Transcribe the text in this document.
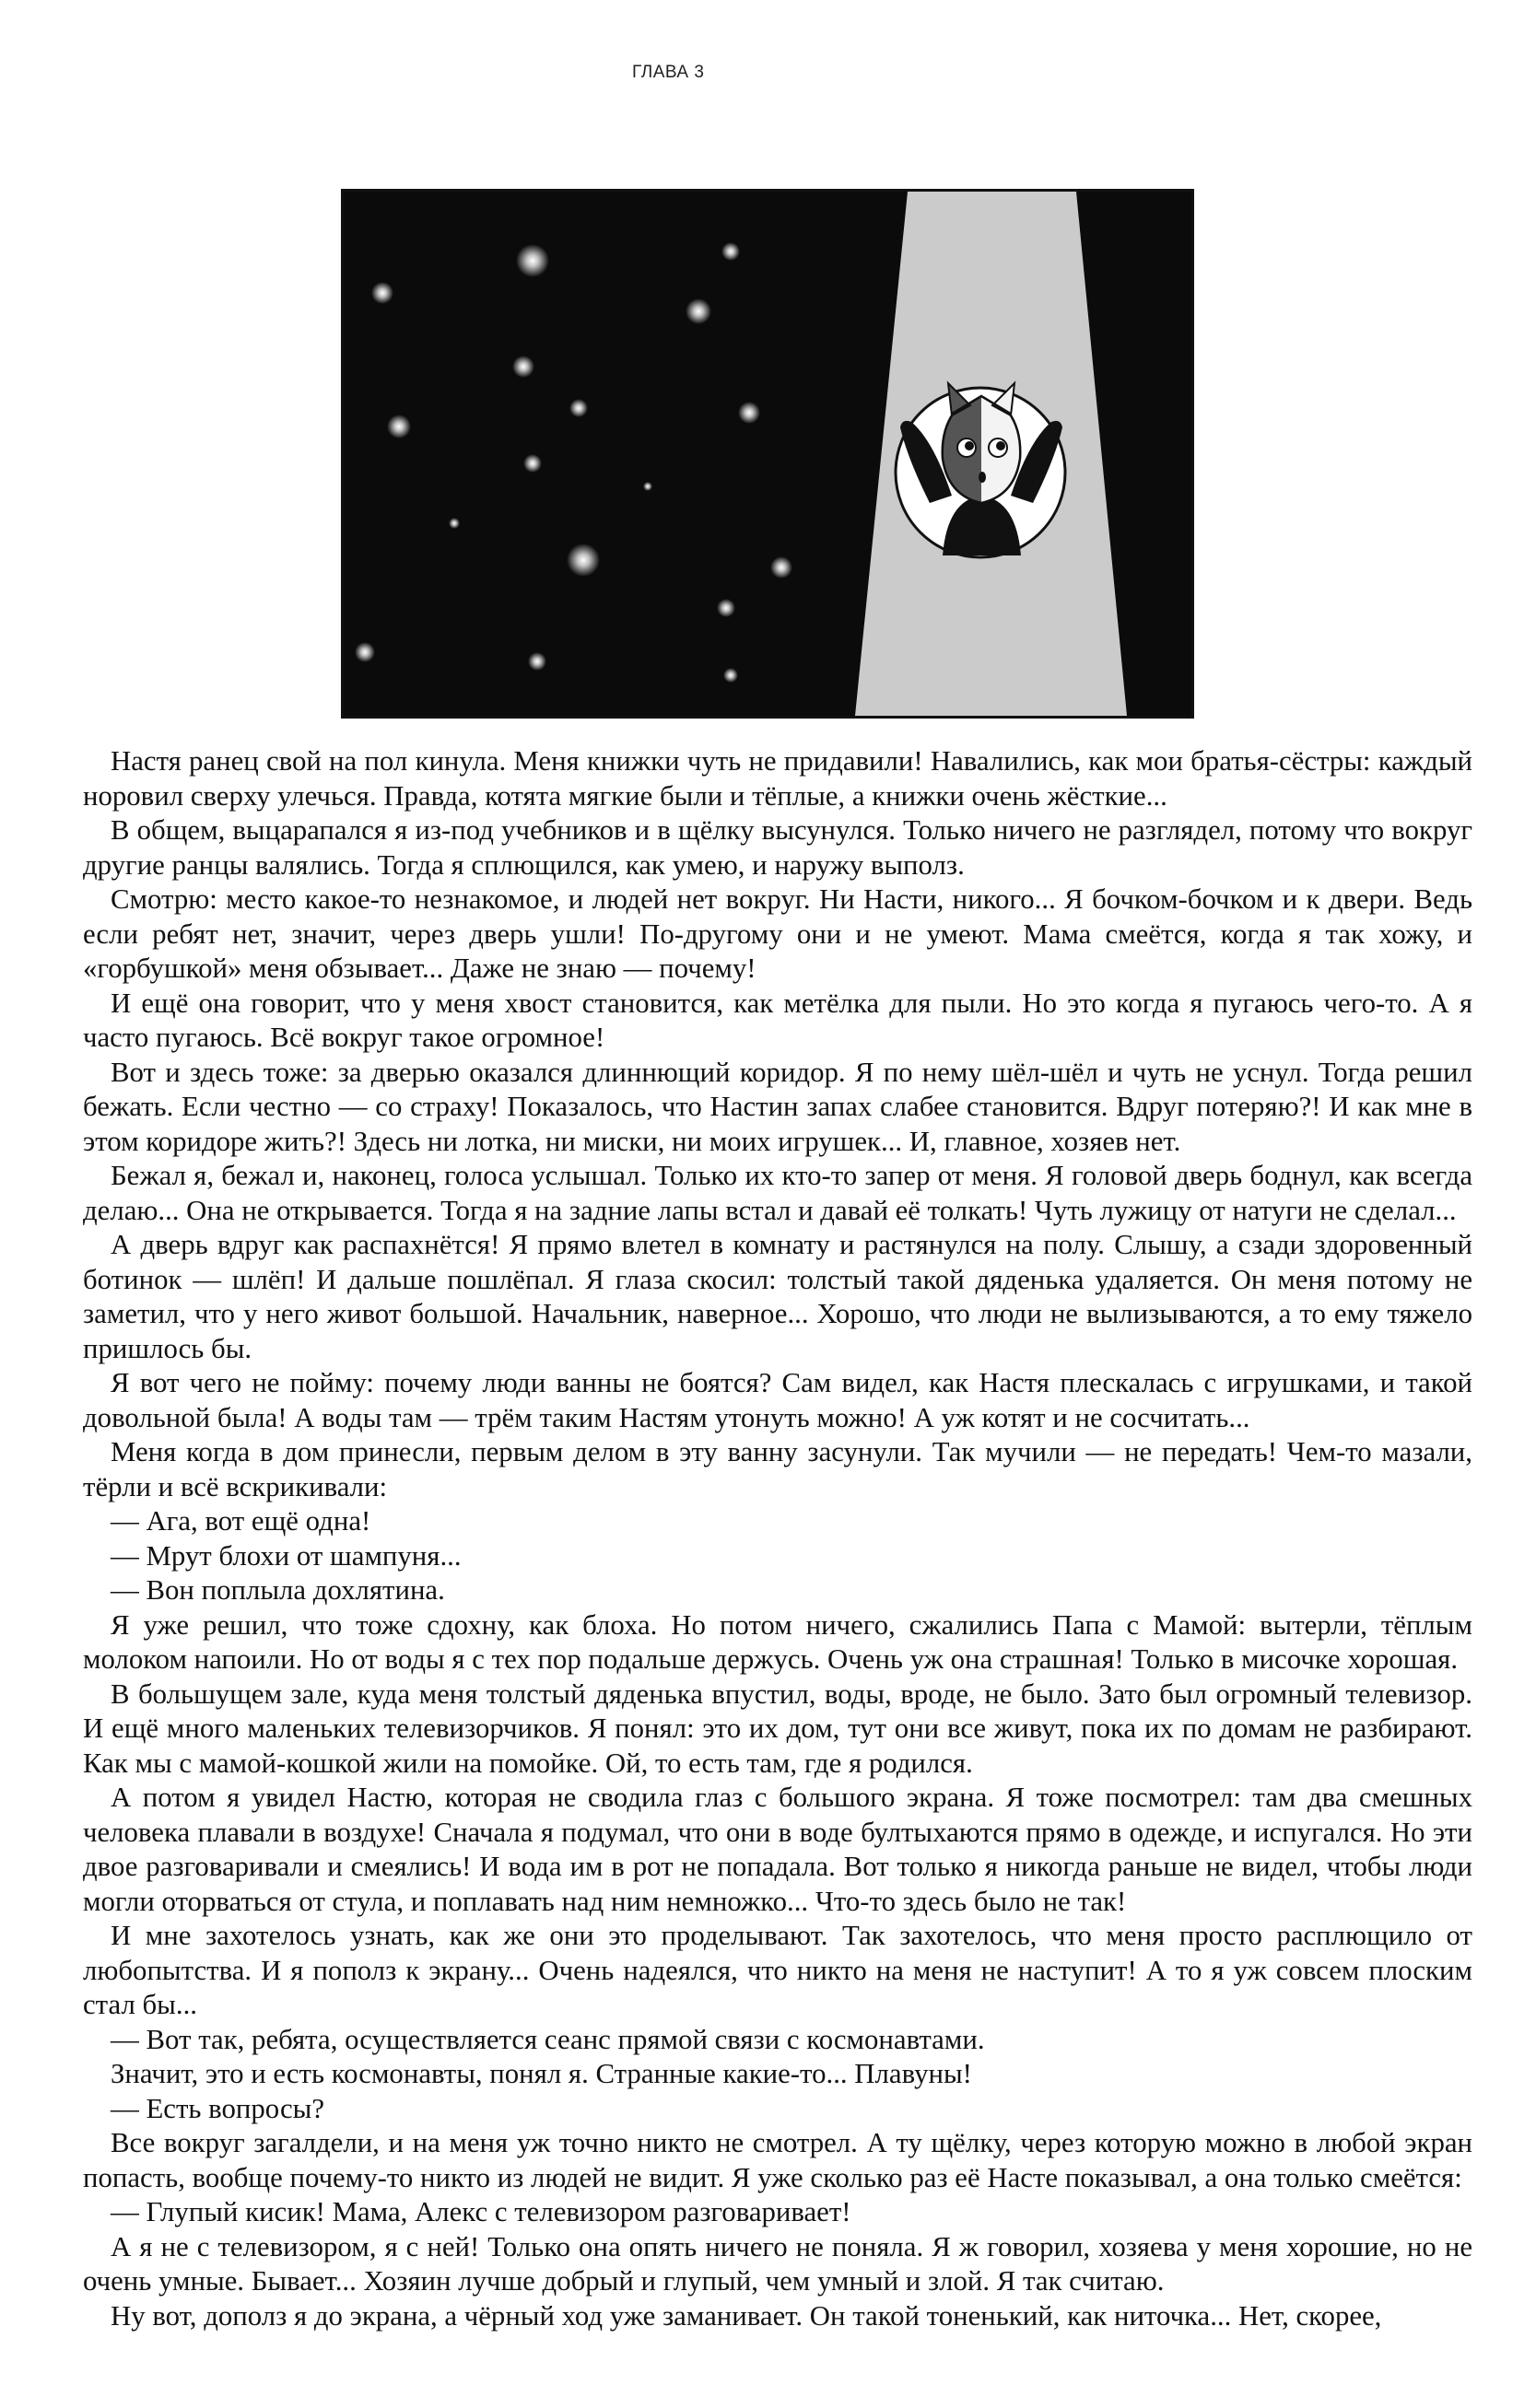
ГЛАВА 3

Настя ранец свой на пол кинула. Меня книжки чуть не придавили! Навалились, как мои братья-сёстры: каждый норовил сверху улечься. Правда, котята мягкие были и тёплые, а книжки очень жёсткие...

В общем, выцарапался я из-под учебников и в щёлку высунулся. Только ничего не разглядел, потому что вокруг другие ранцы валялись. Тогда я сплющился, как умею, и наружу выполз.

Смотрю: место какое-то незнакомое, и людей нет вокруг. Ни Насти, никого... Я бочком-бочком и к двери. Ведь если ребят нет, значит, через дверь ушли! По-другому они и не умеют. Мама смеётся, когда я так хожу, и «горбушкой» меня обзывает... Даже не знаю — почему!

И ещё она говорит, что у меня хвост становится, как метёлка для пыли. Но это когда я пугаюсь чего-то. А я часто пугаюсь. Всё вокруг такое огромное!

Вот и здесь тоже: за дверью оказался длиннющий коридор. Я по нему шёл-шёл и чуть не уснул. Тогда решил бежать. Если честно — со страху! Показалось, что Настин запах слабее становится. Вдруг потеряю?! И как мне в этом коридоре жить?! Здесь ни лотка, ни миски, ни моих игрушек... И, главное, хозяев нет.

Бежал я, бежал и, наконец, голоса услышал. Только их кто-то запер от меня. Я головой дверь боднул, как всегда делаю... Она не открывается. Тогда я на задние лапы встал и давай её толкать! Чуть лужицу от натуги не сделал...

А дверь вдруг как распахнётся! Я прямо влетел в комнату и растянулся на полу. Слышу, а сзади здоровенный ботинок — шлёп! И дальше пошлёпал. Я глаза скосил: толстый такой дяденька удаляется. Он меня потому не заметил, что у него живот большой. Начальник, наверное... Хорошо, что люди не вылизываются, а то ему тяжело пришлось бы.

Я вот чего не пойму: почему люди ванны не боятся? Сам видел, как Настя плескалась с игрушками, и такой довольной была! А воды там — трём таким Настям утонуть можно! А уж котят и не сосчитать...

Меня когда в дом принесли, первым делом в эту ванну засунули. Так мучили — не передать! Чем-то мазали, тёрли и всё вскрикивали:

— Ага, вот ещё одна!

— Мрут блохи от шампуня...

— Вон поплыла дохлятина.

Я уже решил, что тоже сдохну, как блоха. Но потом ничего, сжалились Папа с Мамой: вытерли, тёплым молоком напоили. Но от воды я с тех пор подальше держусь. Очень уж она страшная! Только в мисочке хорошая.

В большущем зале, куда меня толстый дяденька впустил, воды, вроде, не было. Зато был огромный телевизор. И ещё много маленьких телевизорчиков. Я понял: это их дом, тут они все живут, пока их по домам не разбирают. Как мы с мамой-кошкой жили на помойке. Ой, то есть там, где я родился.

А потом я увидел Настю, которая не сводила глаз с большого экрана. Я тоже посмотрел: там два смешных человека плавали в воздухе! Сначала я подумал, что они в воде бултыхаются прямо в одежде, и испугался. Но эти двое разговаривали и смеялись! И вода им в рот не попадала. Вот только я никогда раньше не видел, чтобы люди могли оторваться от стула, и поплавать над ним немножко... Что-то здесь было не так!

И мне захотелось узнать, как же они это проделывают. Так захотелось, что меня просто расплющило от любопытства. И я пополз к экрану... Очень надеялся, что никто на меня не наступит! А то я уж совсем плоским стал бы...

— Вот так, ребята, осуществляется сеанс прямой связи с космонавтами.

Значит, это и есть космонавты, понял я. Странные какие-то... Плавуны!

— Есть вопросы?

Все вокруг загалдели, и на меня уж точно никто не смотрел. А ту щёлку, через которую можно в любой экран попасть, вообще почему-то никто из людей не видит. Я уже сколько раз её Насте показывал, а она только смеётся:

— Глупый кисик! Мама, Алекс с телевизором разговаривает!

А я не с телевизором, я с ней! Только она опять ничего не поняла. Я ж говорил, хозяева у меня хорошие, но не очень умные. Бывает... Хозяин лучше добрый и глупый, чем умный и злой. Я так считаю.

Ну вот, дополз я до экрана, а чёрный ход уже заманивает. Он такой тоненький, как ниточка... Нет, скорее,
